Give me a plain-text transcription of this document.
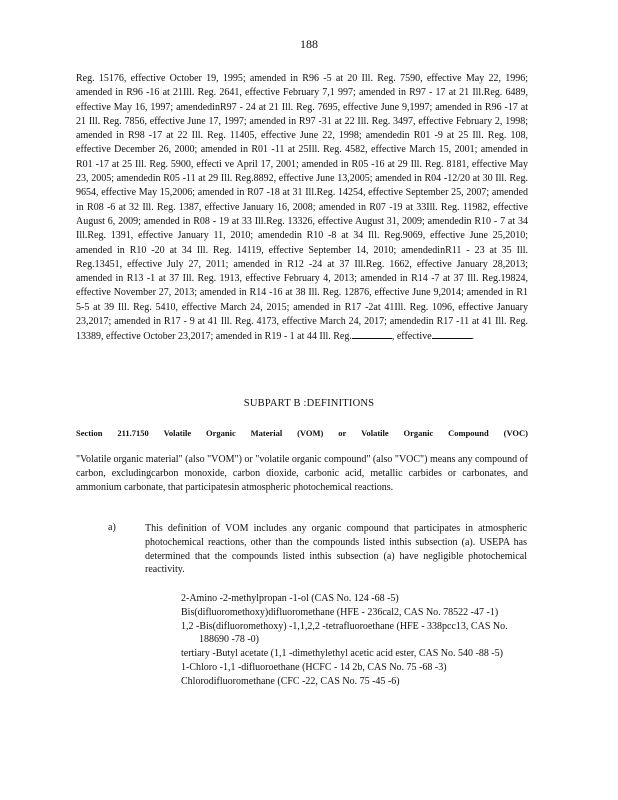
188
Reg. 15176, effective October 19, 1995; amended in R96 -5 at 20 Ill. Reg. 7590, effective May 22, 1996; amended in R96 -16 at 21Ill. Reg. 2641, effective February 7,1 997; amended in R97 - 17 at 21 Ill.Reg. 6489, effective May 16, 1997; amendedinR97 - 24 at 21 Ill. Reg. 7695, effective June 9,1997; amended in R96 -17 at 21 Ill. Reg. 7856, effective June 17, 1997; amended in R97 -31 at 22 Ill. Reg. 3497, effective February 2, 1998; amended in R98 -17 at 22 Ill. Reg. 11405, effective June 22, 1998; amendedin R01 -9 at 25 Ill. Reg. 108, effective December 26, 2000; amended in R01 -11 at 25Ill. Reg. 4582, effective March 15, 2001; amended in R01 -17 at 25 Ill. Reg. 5900, effecti ve April 17, 2001; amended in R05 -16 at 29 Ill. Reg. 8181, effective May 23, 2005; amendedin R05 -11 at 29 Ill. Reg.8892, effective June 13,2005; amended in R04 -12/20 at 30 Ill. Reg. 9654, effective May 15,2006; amended in R07 -18 at 31 Ill.Reg. 14254, effective September 25, 2007; amended in R08 -6 at 32 Ill. Reg. 1387, effective January 16, 2008; amended in R07 -19 at 33Ill. Reg. 11982, effective August 6, 2009; amended in R08 - 19 at 33 Ill.Reg. 13326, effective August 31, 2009; amendedin R10 - 7 at 34 Ill.Reg. 1391, effective January 11, 2010; amendedin R10 -8 at 34 Ill. Reg.9069, effective June 25,2010; amended in R10 -20 at 34 Ill. Reg. 14119, effective September 14, 2010; amendedinR11 - 23 at 35 Ill. Reg.13451, effective July 27, 2011; amended in R12 -24 at 37 Ill.Reg. 1662, effective January 28,2013; amended in R13 -1 at 37 Ill. Reg. 1913, effective February 4, 2013; amended in R14 -7 at 37 Ill. Reg.19824, effective November 27, 2013; amended in R14 -16 at 38 Ill. Reg. 12876, effective June 9,2014; amended in R1 5-5 at 39 Ill. Reg. 5410, effective March 24, 2015; amended in R17 -2at 41Ill. Reg. 1096, effective January 23,2017; amended in R17 - 9 at 41 Ill. Reg. 4173, effective March 24, 2017; amendedin R17 -11 at 41 Ill. Reg. 13389, effective October 23,2017; amended in R19 - 1 at 44 Ill. Reg.	, effective	.
SUBPART B :DEFINITIONS
Section 211.7150 Volatile Organic Material (VOM) or Volatile Organic Compound (VOC)
"Volatile organic material" (also "VOM") or "volatile organic compound" (also "VOC") means any compound of carbon, excludingcarbon monoxide, carbon dioxide, carbonic acid, metallic carbides or carbonates, and ammonium carbonate, that participatesin atmospheric photochemical reactions.
a)	This definition of VOM includes any organic compound that participates in atmospheric photochemical reactions, other than the compounds listed inthis subsection (a). USEPA has determined that the compounds listed inthis subsection (a) have negligible photochemical reactivity.
2-Amino -2-methylpropan -1-ol (CAS No. 124 -68 -5)
Bis(difluoromethoxy)difluoromethane (HFE - 236cal2, CAS No. 78522 -47 -1)
1,2 -Bis(difluoromethoxy) -1,1,2,2 -tetrafluoroethane (HFE - 338pcc13, CAS No. 188690 -78 -0)
tertiary -Butyl acetate (1,1 -dimethylethyl acetic acid ester, CAS No. 540 -88 -5)
1-Chloro -1,1 -difluoroethane (HCFC - 14 2b, CAS No. 75 -68 -3)
Chlorodifluoromethane (CFC -22, CAS No. 75 -45 -6)
